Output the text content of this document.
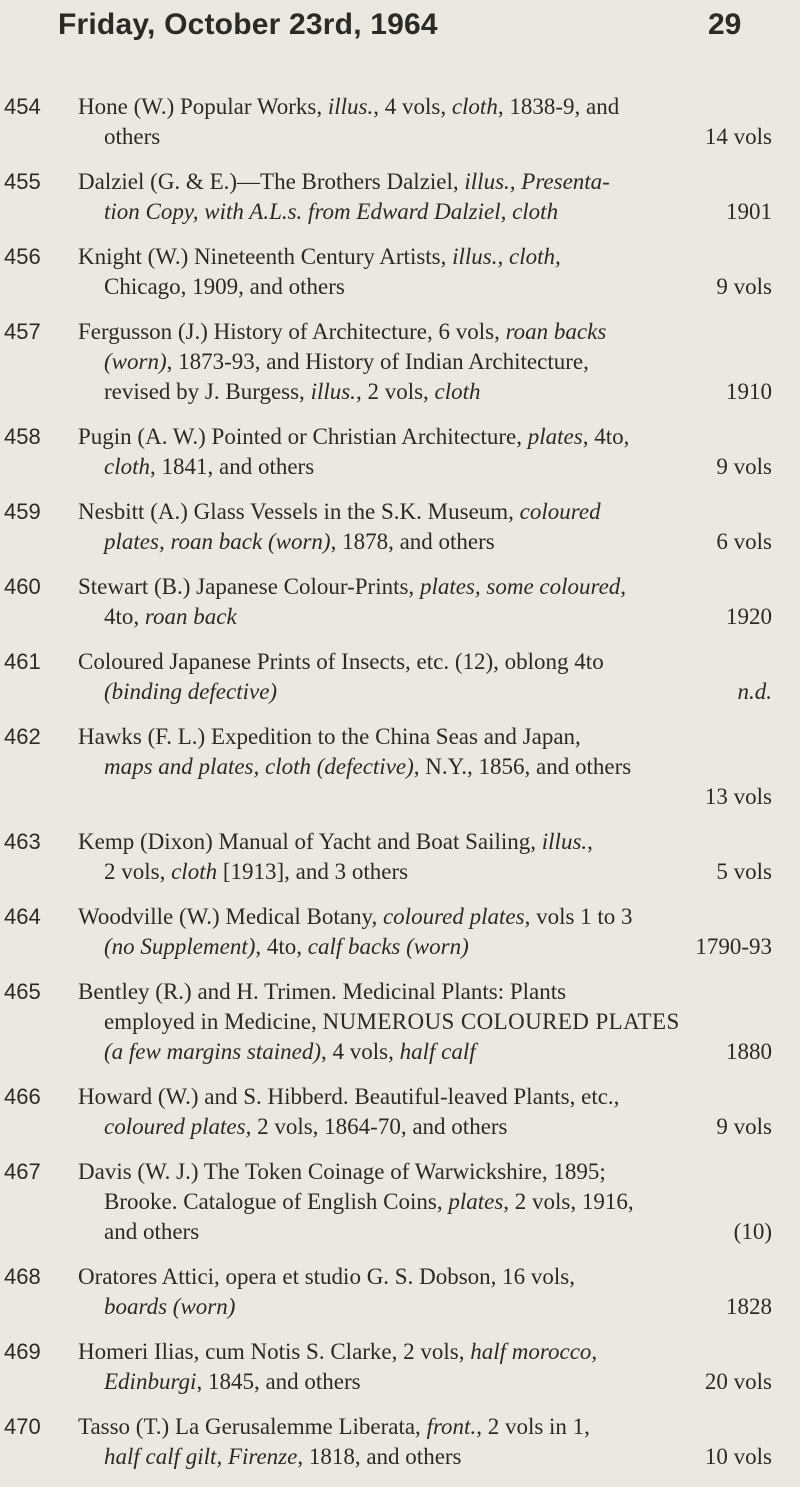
Friday, October 23rd, 1964	29
454 Hone (W.) Popular Works, illus., 4 vols, cloth, 1838-9, and
others	14 vols
455 Dalziel (G. & E.)—The Brothers Dalziel, illus., Presenta-
tion Copy, with A.L.s. from Edward Dalziel, cloth	1901
456 Knight (W.) Nineteenth Century Artists, illus., cloth,
Chicago, 1909, and others	9 vols
457 Fergusson (J.) History of Architecture, 6 vols, roan backs
(worn), 1873-93, and History of Indian Architecture,
revised by J. Burgess, illus., 2 vols, cloth	1910
458 Pugin (A. W.) Pointed or Christian Architecture, plates, 4to,
cloth, 1841, and others	9 vols
459 Nesbitt (A.) Glass Vessels in the S.K. Museum, coloured
plates, roan back (worn), 1878, and others	6 vols
460 Stewart (B.) Japanese Colour-Prints, plates, some coloured,
4to, roan back	1920
461 Coloured Japanese Prints of Insects, etc. (12), oblong 4to
(binding defective)	n.d.
462 Hawks (F. L.) Expedition to the China Seas and Japan,
maps and plates, cloth (defective), N.Y., 1856, and others
13 vols
463 Kemp (Dixon) Manual of Yacht and Boat Sailing, illus.,
2 vols, cloth [1913], and 3 others	5 vols
464 Woodville (W.) Medical Botany, coloured plates, vols 1 to 3
(no Supplement), 4to, calf backs (worn)	1790-93
465 Bentley (R.) and H. Trimen. Medicinal Plants: Plants
employed in Medicine, NUMEROUS COLOURED PLATES
(a few margins stained), 4 vols, half calf	1880
466 Howard (W.) and S. Hibberd. Beautiful-leaved Plants, etc.,
coloured plates, 2 vols, 1864-70, and others	9 vols
467 Davis (W. J.) The Token Coinage of Warwickshire, 1895;
Brooke. Catalogue of English Coins, plates, 2 vols, 1916,
and others	(10)
468 Oratores Attici, opera et studio G. S. Dobson, 16 vols,
boards (worn)	1828
469 Homeri Ilias, cum Notis S. Clarke, 2 vols, half morocco,
Edinburgi, 1845, and others	20 vols
470 Tasso (T.) La Gerusalemme Liberata, front., 2 vols in 1,
half calf gilt, Firenze, 1818, and others	10 vols
